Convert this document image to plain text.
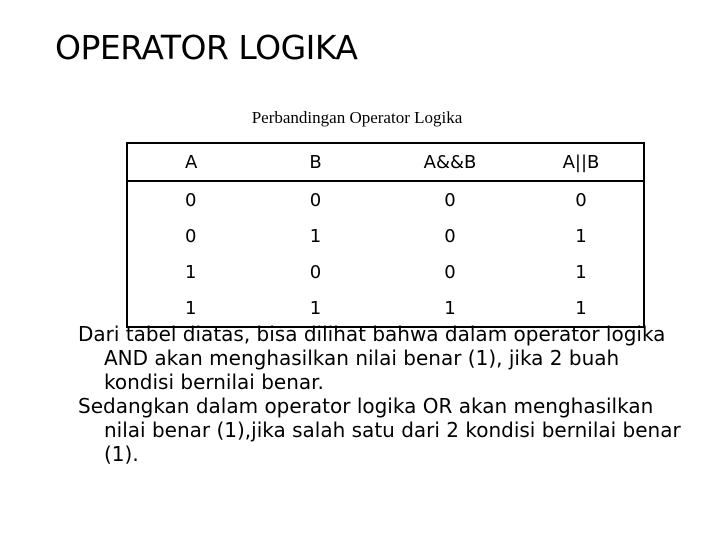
OPERATOR LOGIKA
Perbandingan Operator Logika
A	B	A&&B	A||B
0	0	0	0
0	1	0	1
1	0	0	1
1	1	1	1

Dari tabel diatas, bisa dilihat bahwa dalam operator logika AND akan menghasilkan nilai benar (1), jika 2 buah kondisi bernilai benar.

Sedangkan dalam operator logika OR akan menghasilkan nilai benar (1),jika salah satu dari 2 kondisi bernilai benar (1).
